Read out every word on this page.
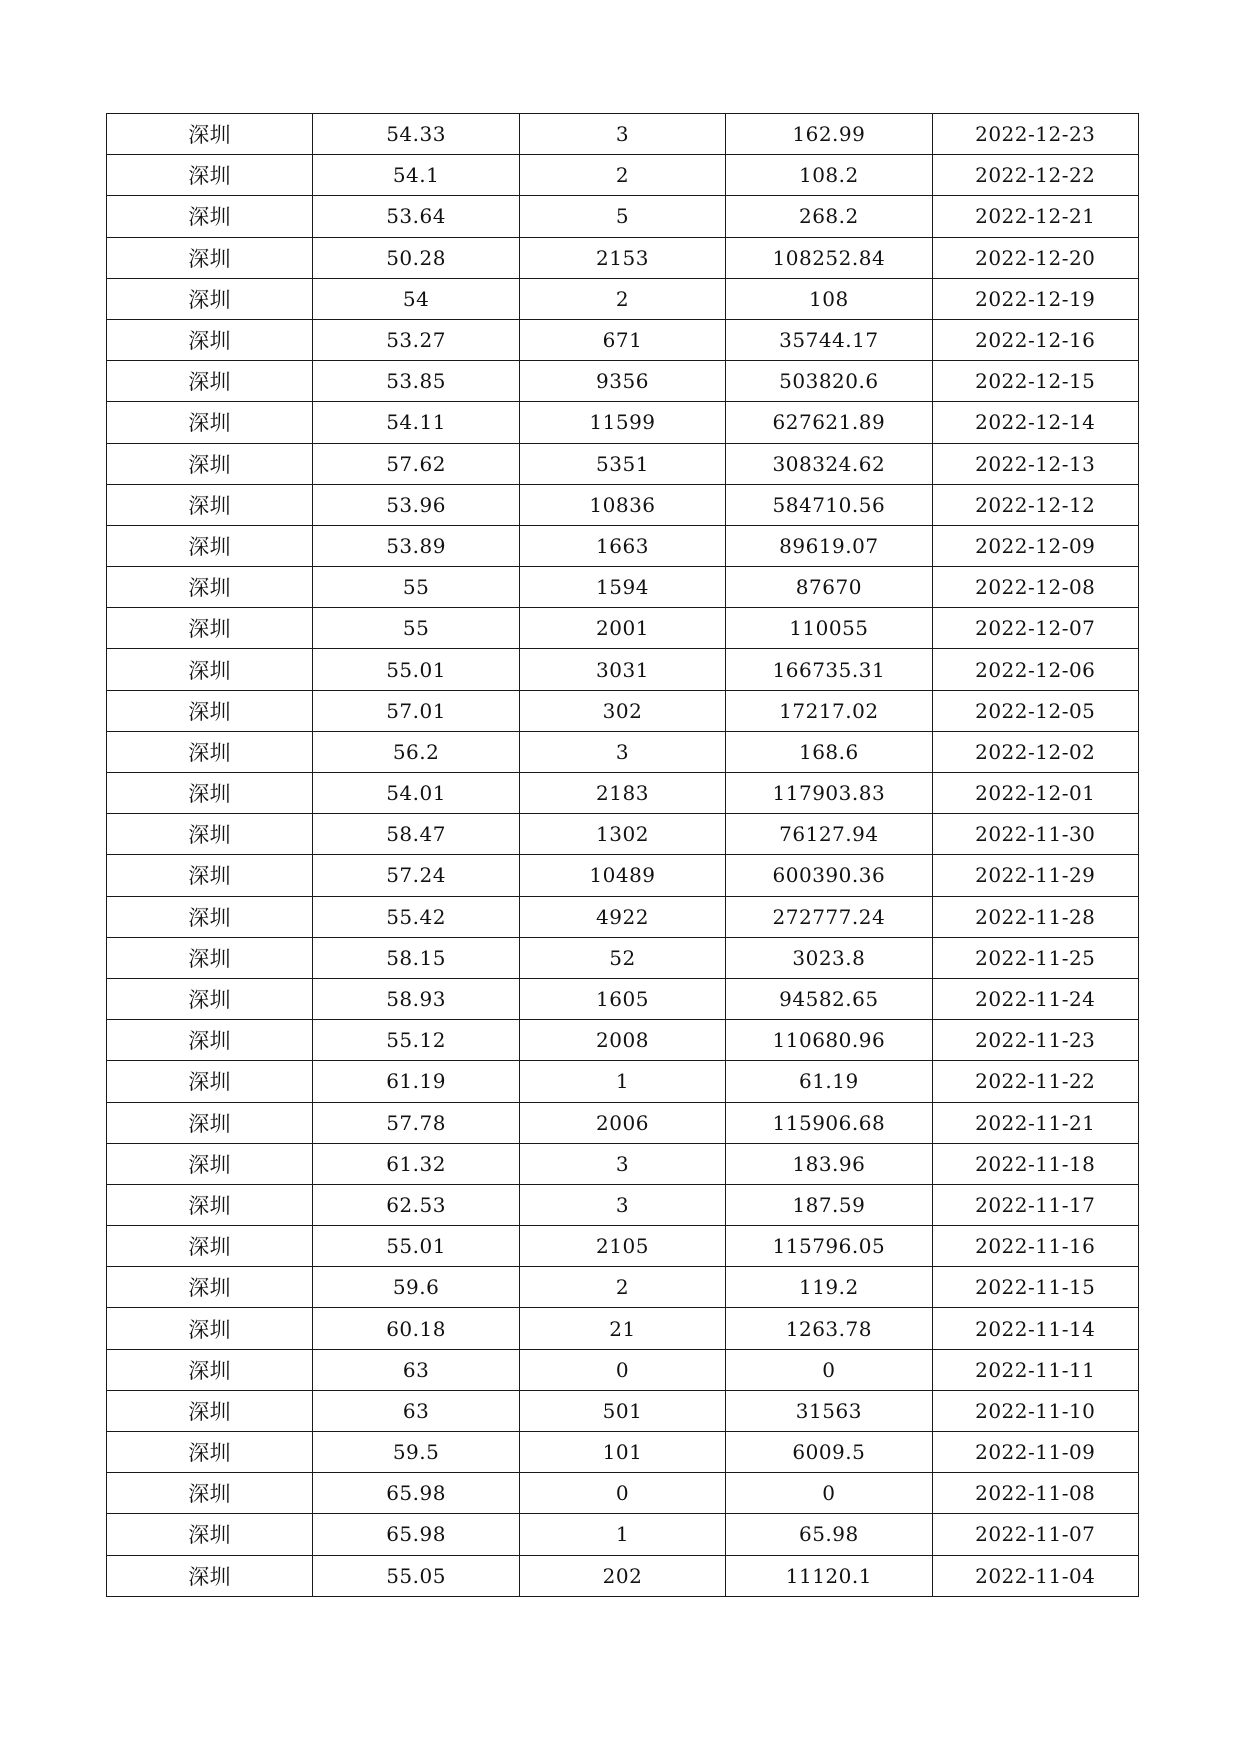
深圳	54.33	3	162.99	2022-12-23
深圳	54.1	2	108.2	2022-12-22
深圳	53.64	5	268.2	2022-12-21
深圳	50.28	2153	108252.84	2022-12-20
深圳	54	2	108	2022-12-19
深圳	53.27	671	35744.17	2022-12-16
深圳	53.85	9356	503820.6	2022-12-15
深圳	54.11	11599	627621.89	2022-12-14
深圳	57.62	5351	308324.62	2022-12-13
深圳	53.96	10836	584710.56	2022-12-12
深圳	53.89	1663	89619.07	2022-12-09
深圳	55	1594	87670	2022-12-08
深圳	55	2001	110055	2022-12-07
深圳	55.01	3031	166735.31	2022-12-06
深圳	57.01	302	17217.02	2022-12-05
深圳	56.2	3	168.6	2022-12-02
深圳	54.01	2183	117903.83	2022-12-01
深圳	58.47	1302	76127.94	2022-11-30
深圳	57.24	10489	600390.36	2022-11-29
深圳	55.42	4922	272777.24	2022-11-28
深圳	58.15	52	3023.8	2022-11-25
深圳	58.93	1605	94582.65	2022-11-24
深圳	55.12	2008	110680.96	2022-11-23
深圳	61.19	1	61.19	2022-11-22
深圳	57.78	2006	115906.68	2022-11-21
深圳	61.32	3	183.96	2022-11-18
深圳	62.53	3	187.59	2022-11-17
深圳	55.01	2105	115796.05	2022-11-16
深圳	59.6	2	119.2	2022-11-15
深圳	60.18	21	1263.78	2022-11-14
深圳	63	0	0	2022-11-11
深圳	63	501	31563	2022-11-10
深圳	59.5	101	6009.5	2022-11-09
深圳	65.98	0	0	2022-11-08
深圳	65.98	1	65.98	2022-11-07
深圳	55.05	202	11120.1	2022-11-04
